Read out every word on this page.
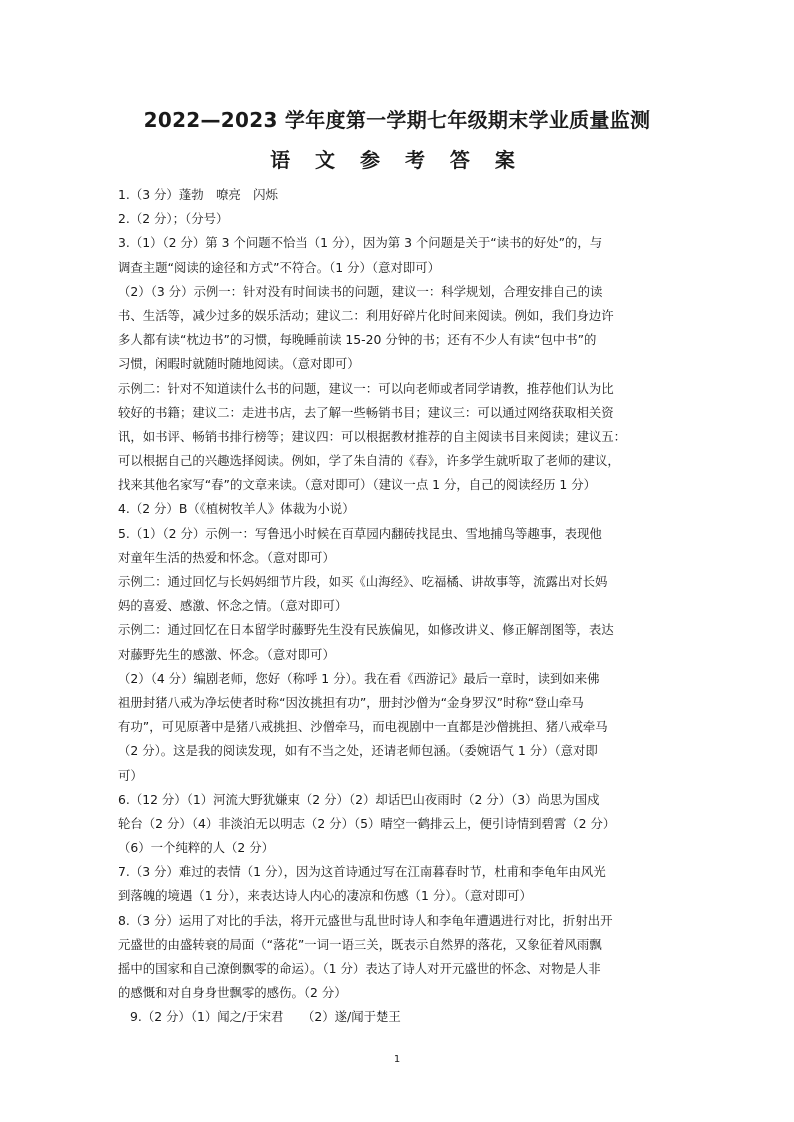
2022—2023 学年度第一学期七年级期末学业质量监测
语 文 参 考 答 案
1.（3 分）蓬勃　嘹亮　闪烁
2.（2 分）；（分号）
3.（1）（2 分）第 3 个问题不恰当（1 分），因为第 3 个问题是关于“读书的好处”的，与
调查主题“阅读的途径和方式”不符合。（1 分）（意对即可）
（2）（3 分）示例一：针对没有时间读书的问题，建议一：科学规划，合理安排自己的读
书、生活等，减少过多的娱乐活动；建议二：利用好碎片化时间来阅读。例如，我们身边许
多人都有读“枕边书”的习惯，每晚睡前读 15-20 分钟的书；还有不少人有读“包中书”的
习惯，闲暇时就随时随地阅读。（意对即可）
示例二：针对不知道读什么书的问题，建议一：可以向老师或者同学请教，推荐他们认为比
较好的书籍；建议二：走进书店，去了解一些畅销书目；建议三：可以通过网络获取相关资
讯，如书评、畅销书排行榜等；建议四：可以根据教材推荐的自主阅读书目来阅读；建议五：
可以根据自己的兴趣选择阅读。例如，学了朱自清的《春》，许多学生就听取了老师的建议，
找来其他名家写“春”的文章来读。（意对即可）（建议一点 1 分，自己的阅读经历 1 分）
4.（2 分）B（《植树牧羊人》体裁为小说）
5.（1）（2 分）示例一：写鲁迅小时候在百草园内翻砖找昆虫、雪地捕鸟等趣事，表现他
对童年生活的热爱和怀念。（意对即可）
示例二：通过回忆与长妈妈细节片段，如买《山海经》、吃福橘、讲故事等，流露出对长妈
妈的喜爱、感激、怀念之情。（意对即可）
示例二：通过回忆在日本留学时藤野先生没有民族偏见，如修改讲义、修正解剖图等，表达
对藤野先生的感激、怀念。（意对即可）
（2）（4 分）编剧老师，您好（称呼 1 分）。我在看《西游记》最后一章时，读到如来佛
祖册封猪八戒为净坛使者时称“因汝挑担有功”，册封沙僧为“金身罗汉”时称“登山牵马
有功”，可见原著中是猪八戒挑担、沙僧牵马，而电视剧中一直都是沙僧挑担、猪八戒牵马
（2 分）。这是我的阅读发现，如有不当之处，还请老师包涵。（委婉语气 1 分）（意对即
可）
6.（12 分）（1）河流大野犹嫌束（2 分）（2）却话巴山夜雨时（2 分）（3）尚思为国戍
轮台（2 分）（4）非淡泊无以明志（2 分）（5）晴空一鹤排云上，便引诗情到碧霄（2 分）
（6）一个纯粹的人（2 分）
7.（3 分）难过的表情（1 分），因为这首诗通过写在江南暮春时节，杜甫和李龟年由风光
到落魄的境遇（1 分），来表达诗人内心的凄凉和伤感（1 分）。（意对即可）
8.（3 分）运用了对比的手法，将开元盛世与乱世时诗人和李龟年遭遇进行对比，折射出开
元盛世的由盛转衰的局面（“落花”一词一语三关，既表示自然界的落花，又象征着风雨飘
摇中的国家和自己潦倒飘零的命运）。（1 分）表达了诗人对开元盛世的怀念、对物是人非
的感慨和对自身身世飘零的感伤。（2 分）
9.（2 分）（1）闻之/于宋君　　（2）遂/闻于楚王
1
